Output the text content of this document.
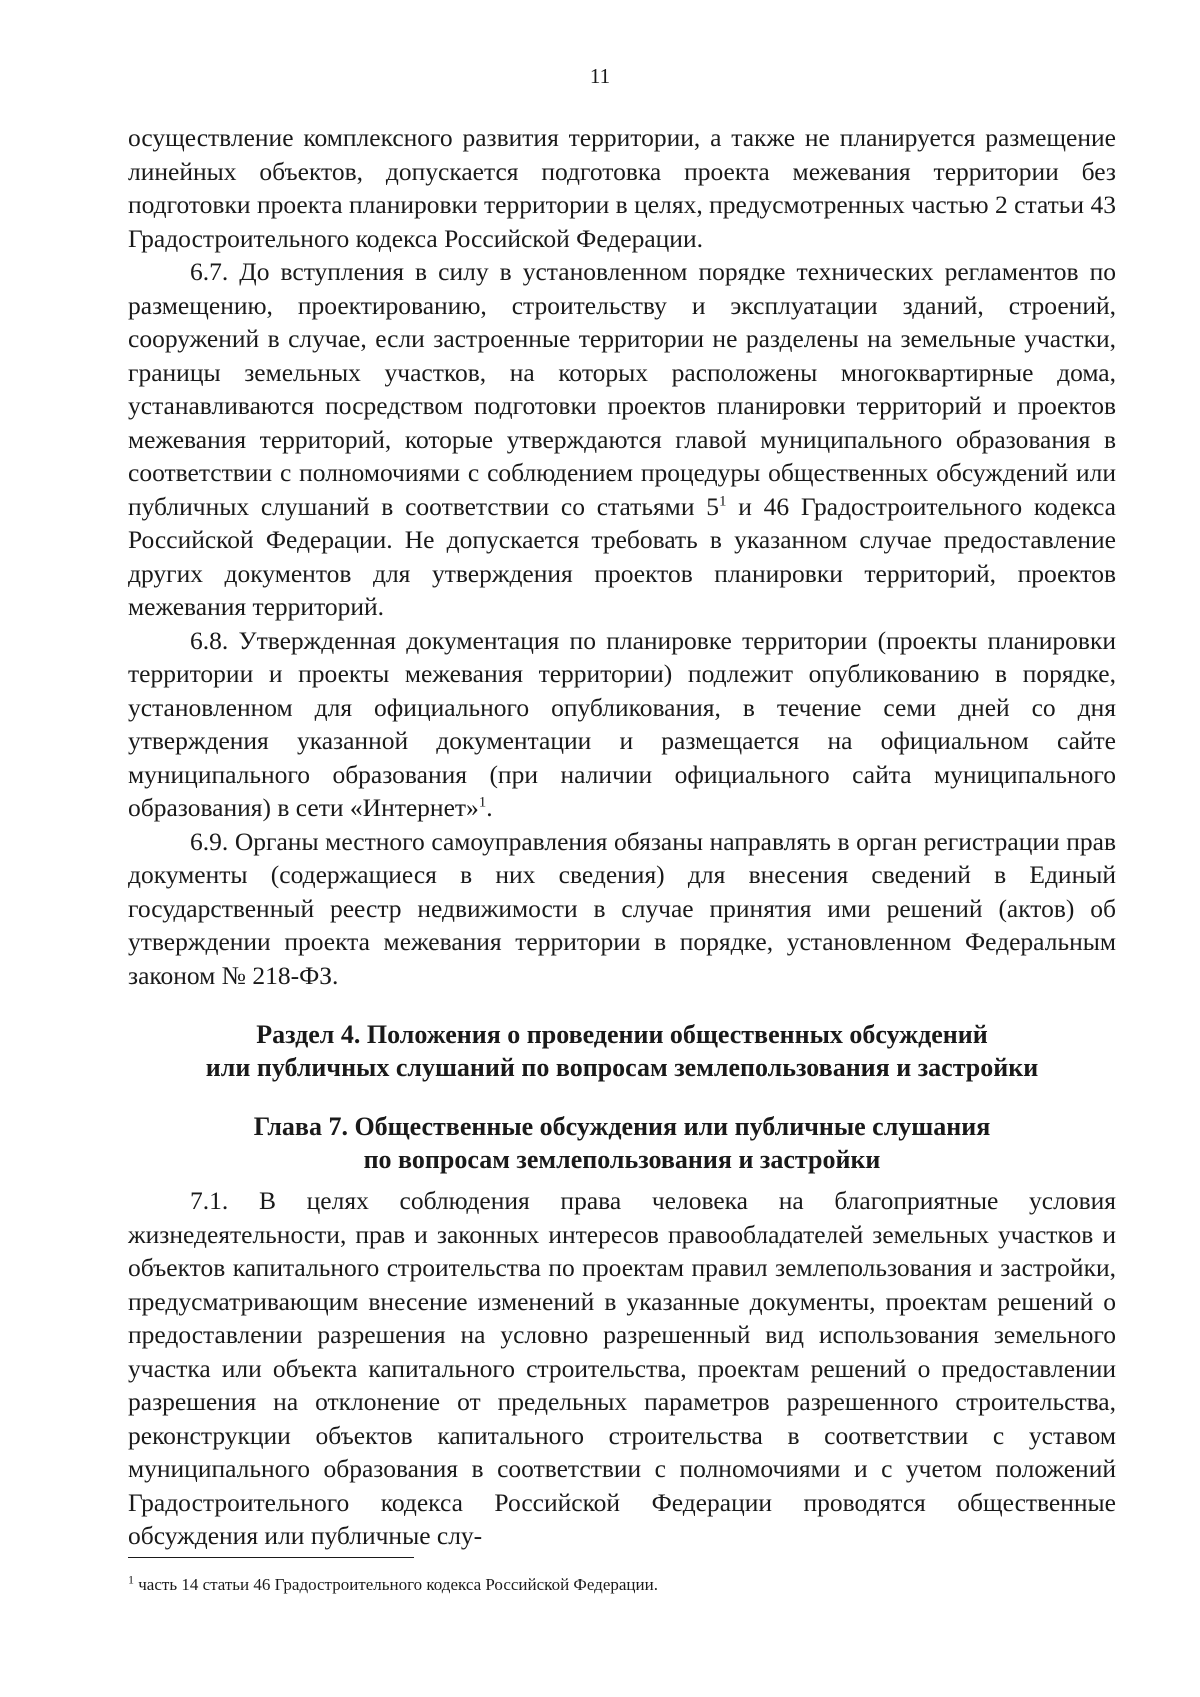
11

осуществление комплексного развития территории, а также не планируется размещение линейных объектов, допускается подготовка проекта межевания территории без подготовки проекта планировки территории в целях, предусмотренных частью 2 статьи 43 Градостроительного кодекса Российской Федерации.

6.7. До вступления в силу в установленном порядке технических регламентов по размещению, проектированию, строительству и эксплуатации зданий, строений, сооружений в случае, если застроенные территории не разделены на земельные участки, границы земельных участков, на которых расположены многоквартирные дома, устанавливаются посредством подготовки проектов планировки территорий и проектов межевания территорий, которые утверждаются главой муниципального образования в соответствии с полномочиями с соблюдением процедуры общественных обсуждений или публичных слушаний в соответствии со статьями $5^1$ и 46 Градостроительного кодекса Российской Федерации. Не допускается требовать в указанном случае предоставление других документов для утверждения проектов планировки территорий, проектов межевания территорий.

6.8. Утвержденная документация по планировке территории (проекты планировки территории и проекты межевания территории) подлежит опубликованию в порядке, установленном для официального опубликования, в течение семи дней со дня утверждения указанной документации и размещается на официальном сайте муниципального образования (при наличии официального сайта муниципального образования) в сети «Интернет»$^1$.

6.9. Органы местного самоуправления обязаны направлять в орган регистрации прав документы (содержащиеся в них сведения) для внесения сведений в Единый государственный реестр недвижимости в случае принятия ими решений (актов) об утверждении проекта межевания территории в порядке, установленном Федеральным законом № 218-ФЗ.

Раздел 4. Положения о проведении общественных обсуждений
или публичных слушаний по вопросам землепользования и застройки
Глава 7. Общественные обсуждения или публичные слушания
по вопросам землепользования и застройки

7.1. В целях соблюдения права человека на благоприятные условия жизнедеятельности, прав и законных интересов правообладателей земельных участков и объектов капитального строительства по проектам правил землепользования и застройки, предусматривающим внесение изменений в указанные документы, проектам решений о предоставлении разрешения на условно разрешенный вид использования земельного участка или объекта капитального строительства, проектам решений о предоставлении разрешения на отклонение от предельных параметров разрешенного строительства, реконструкции объектов капитального строительства в соответствии с уставом муниципального образования в соответствии с полномочиями и с учетом положений Градостроительного кодекса Российской Федерации проводятся общественные обсуждения или публичные слу-

$^1$ часть 14 статьи 46 Градостроительного кодекса Российской Федерации.
